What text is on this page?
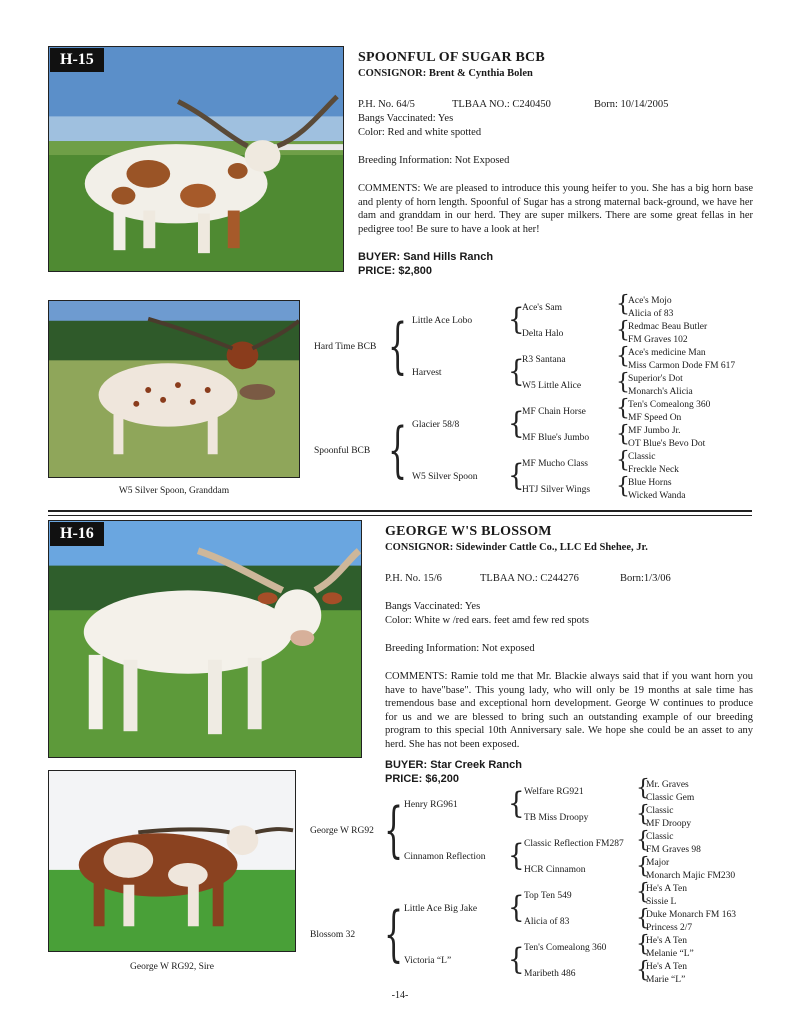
H-15	SPOONFUL OF SUGAR BCB
CONSIGNOR: Brent & Cynthia Bolen
P.H. No. 64/5	TLBAA NO.: C240450	Born: 10/14/2005
Bangs Vaccinated: Yes
Color: Red and white spotted
Breeding Information: Not Exposed
COMMENTS: We are pleased to introduce this young heifer to you. She has a big horn base and plenty of horn length. Spoonful of Sugar has a strong maternal back-ground, we have her dam and granddam in our herd. They are super milkers. There are some great fellas in her pedigree too! Be sure to have a look at her!
BUYER: Sand Hills Ranch
PRICE: $2,800
W5 Silver Spoon, Granddam
Hard Time BCB
Spoonful BCB
{
{
Little Ace Lobo
Harvest
Glacier 58/8
W5 Silver Spoon
{
{
{
{
Ace's Sam
Delta Halo
R3 Santana
W5 Little Alice
MF Chain Horse
MF Blue's Jumbo
MF Mucho Class
HTJ Silver Wings
{
{
{
{
{
{
{
{
Ace's Mojo
Alicia of 83
Redmac Beau Butler
FM Graves 102
Ace's medicine Man
Miss Carmon Dode FM 617
Superior's Dot
Monarch's Alicia
Ten's Comealong 360
MF Speed On
MF Jumbo Jr.
OT Blue's Bevo Dot
Classic
Freckle Neck
Blue Horns
Wicked Wanda
H-16	GEORGE W'S BLOSSOM
CONSIGNOR: Sidewinder Cattle Co., LLC Ed Shehee, Jr.
P.H. No. 15/6	TLBAA NO.: C244276	Born:1/3/06
Bangs Vaccinated: Yes
Color: White w /red ears. feet amd few red spots
Breeding Information: Not exposed
COMMENTS: Ramie told me that Mr. Blackie always said that if you want horn you have to have"base". This young lady, who will only be 19 months at sale time has tremendous base and exceptional horn development. George W continues to produce for us and we are blessed to bring such an outstanding example of our breeding program to this special 10th Anniversary sale. We hope she could be an asset to any herd. She has not been exposed.
BUYER: Star Creek Ranch
PRICE: $6,200
George W RG92, Sire
George W RG92
Blossom 32
{
{
Henry RG961
Cinnamon Reflection
Little Ace Big Jake
Victoria “L”
{
{
{
{
Welfare RG921
TB Miss Droopy
Classic Reflection FM287
HCR Cinnamon
Top Ten 549
Alicia of 83
Ten's Comealong 360
Maribeth 486
{
{
{
{
{
{
{
{
Mr. Graves
Classic Gem
Classic
MF Droopy
Classic
FM Graves 98
Major
Monarch Majic FM230
He's A Ten
Sissie L
Duke Monarch FM 163
Princess 2/7
He's A Ten
Melanie “L”
He's A Ten
Marie “L”
-14-
